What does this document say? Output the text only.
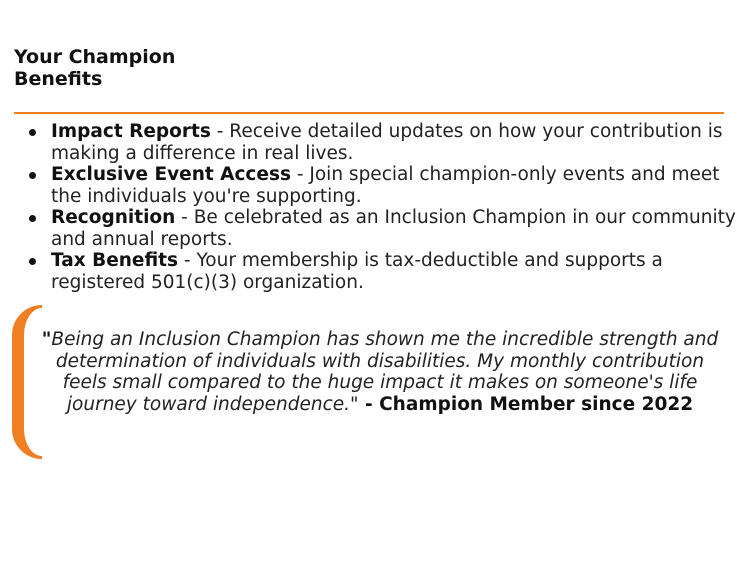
Your Champion Benefits
Impact Reports - Receive detailed updates on how your contribution is making a difference in real lives.
Exclusive Event Access - Join special champion-only events and meet the individuals you're supporting.
Recognition - Be celebrated as an Inclusion Champion in our community and annual reports.
Tax Benefits - Your membership is tax-deductible and supports a registered 501(c)(3) organization.

"Being an Inclusion Champion has shown me the incredible strength and determination of individuals with disabilities. My monthly contribution feels small compared to the huge impact it makes on someone's life journey toward independence." - Champion Member since 2022
